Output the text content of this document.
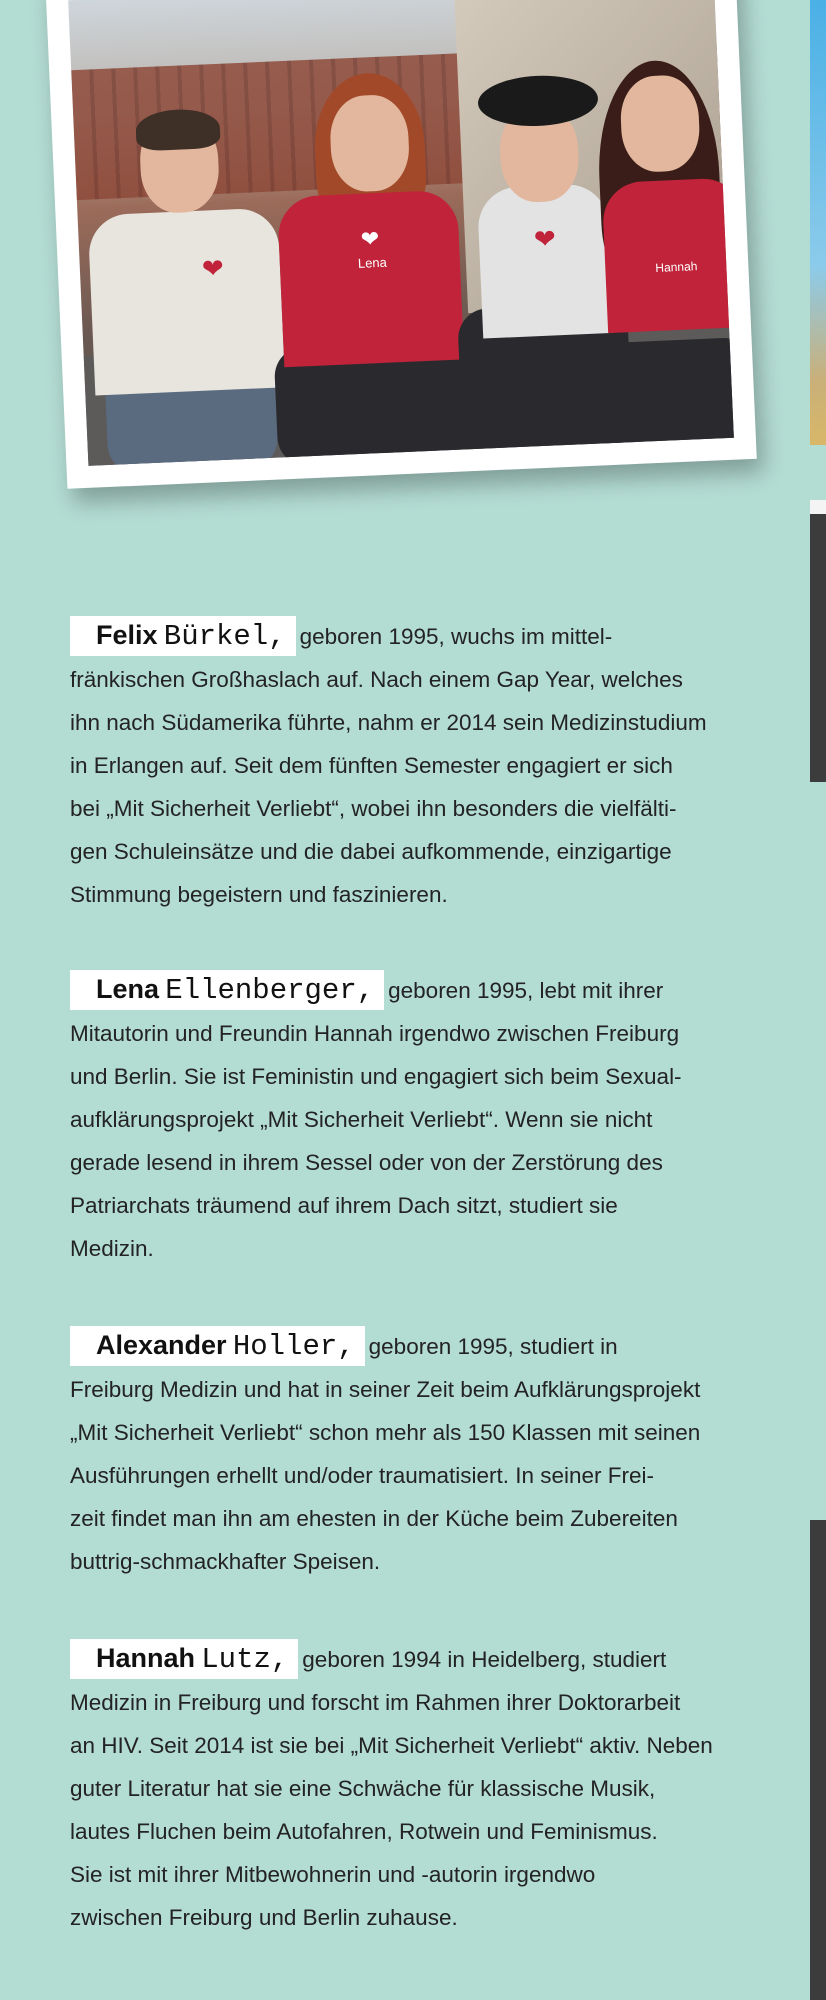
❤
❤
Lena
❤
Hannah

Felix Bürkel, geboren 1995, wuchs im mittel-
fränkischen Großhaslach auf. Nach einem Gap Year, welches
ihn nach Südamerika führte, nahm er 2014 sein Medizinstudium
in Erlangen auf. Seit dem fünften Semester engagiert er sich
bei „Mit Sicherheit Verliebt“, wobei ihn besonders die vielfälti-
gen Schuleinsätze und die dabei aufkommende, einzigartige
Stimmung begeistern und faszinieren.

Lena Ellenberger, geboren 1995, lebt mit ihrer
Mitautorin und Freundin Hannah irgendwo zwischen Freiburg
und Berlin. Sie ist Feministin und engagiert sich beim Sexual-
aufklärungsprojekt „Mit Sicherheit Verliebt“. Wenn sie nicht
gerade lesend in ihrem Sessel oder von der Zerstörung des
Patriarchats träumend auf ihrem Dach sitzt, studiert sie
Medizin.

Alexander Holler, geboren 1995, studiert in
Freiburg Medizin und hat in seiner Zeit beim Aufklärungsprojekt
„Mit Sicherheit Verliebt“ schon mehr als 150 Klassen mit seinen
Ausführungen erhellt und/oder traumatisiert. In seiner Frei-
zeit findet man ihn am ehesten in der Küche beim Zubereiten
buttrig-schmackhafter Speisen.

Hannah Lutz, geboren 1994 in Heidelberg, studiert
Medizin in Freiburg und forscht im Rahmen ihrer Doktorarbeit
an HIV. Seit 2014 ist sie bei „Mit Sicherheit Verliebt“ aktiv. Neben
guter Literatur hat sie eine Schwäche für klassische Musik,
lautes Fluchen beim Autofahren, Rotwein und Feminismus.
Sie ist mit ihrer Mitbewohnerin und -autorin irgendwo
zwischen Freiburg und Berlin zuhause.
